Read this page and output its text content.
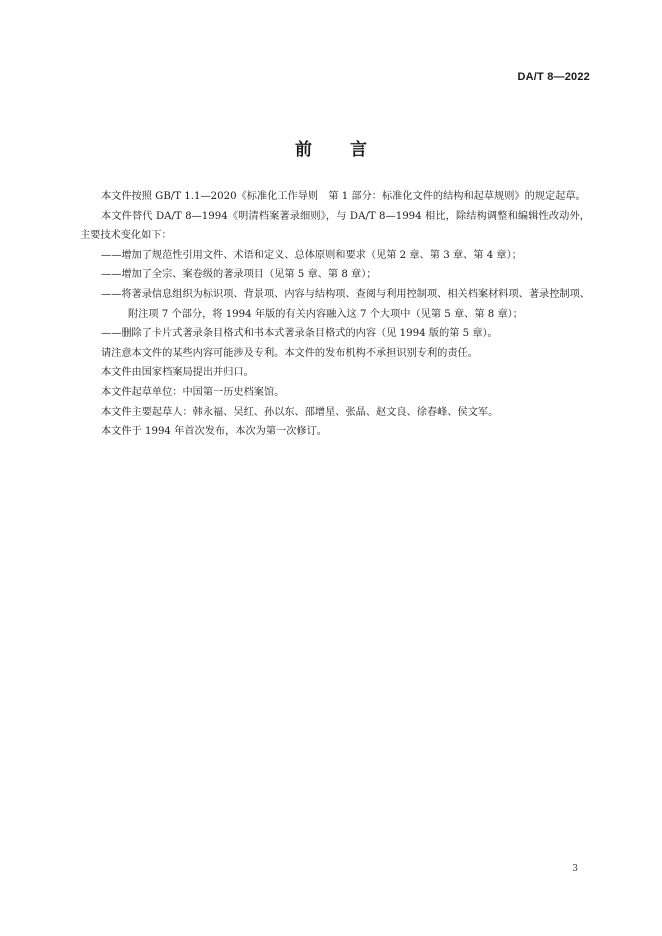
DA/T 8—2022
前 言

本文件按照 GB/T 1.1—2020《标准化工作导则　第 1 部分：标准化文件的结构和起草规则》的规定起草。

本文件替代 DA/T 8—1994《明清档案著录细则》，与 DA/T 8—1994 相比，除结构调整和编辑性改动外，主要技术变化如下：

——增加了规范性引用文件、术语和定义、总体原则和要求（见第 2 章、第 3 章、第 4 章）；

——增加了全宗、案卷级的著录项目（见第 5 章、第 8 章）；

——将著录信息组织为标识项、背景项、内容与结构项、查阅与利用控制项、相关档案材料项、著录控制项、附注项 7 个部分，将 1994 年版的有关内容融入这 7 个大项中（见第 5 章、第 8 章）；

——删除了卡片式著录条目格式和书本式著录条目格式的内容（见 1994 版的第 5 章）。

请注意本文件的某些内容可能涉及专利。本文件的发布机构不承担识别专利的责任。

本文件由国家档案局提出并归口。

本文件起草单位：中国第一历史档案馆。

本文件主要起草人：韩永福、吴红、孙以东、邵增星、张晶、赵文良、徐春峰、侯文军。

本文件于 1994 年首次发布，本次为第一次修订。

3
